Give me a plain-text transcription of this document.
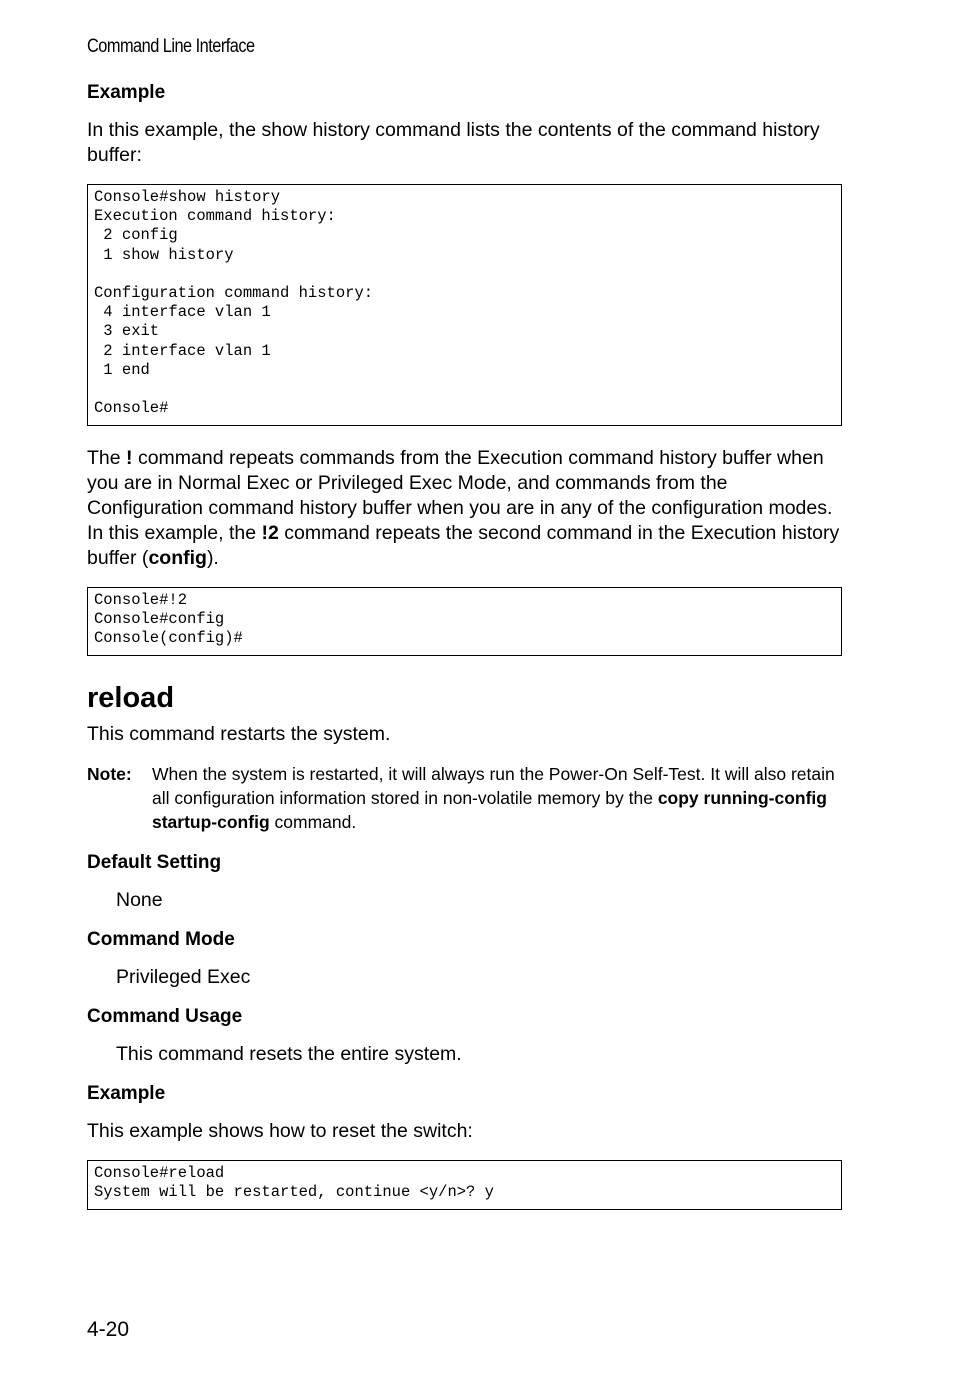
Command Line Interface

Example

In this example, the show history command lists the contents of the command history buffer:

Console#show history
Execution command history:
2 config
1 show history

Configuration command history:
4 interface vlan 1
3 exit
2 interface vlan 1
1 end

Console#

The ! command repeats commands from the Execution command history buffer when you are in Normal Exec or Privileged Exec Mode, and commands from the Configuration command history buffer when you are in any of the configuration modes. In this example, the !2 command repeats the second command in the Execution history buffer (config).

Console#!2
Console#config
Console(config)#

reload

This command restarts the system.

Note: When the system is restarted, it will always run the Power-On Self-Test. It will also retain all configuration information stored in non-volatile memory by the copy running-config startup-config command.

Default Setting

None

Command Mode

Privileged Exec

Command Usage

This command resets the entire system.

Example

This example shows how to reset the switch:

Console#reload
System will be restarted, continue <y/n>? y
4-20
